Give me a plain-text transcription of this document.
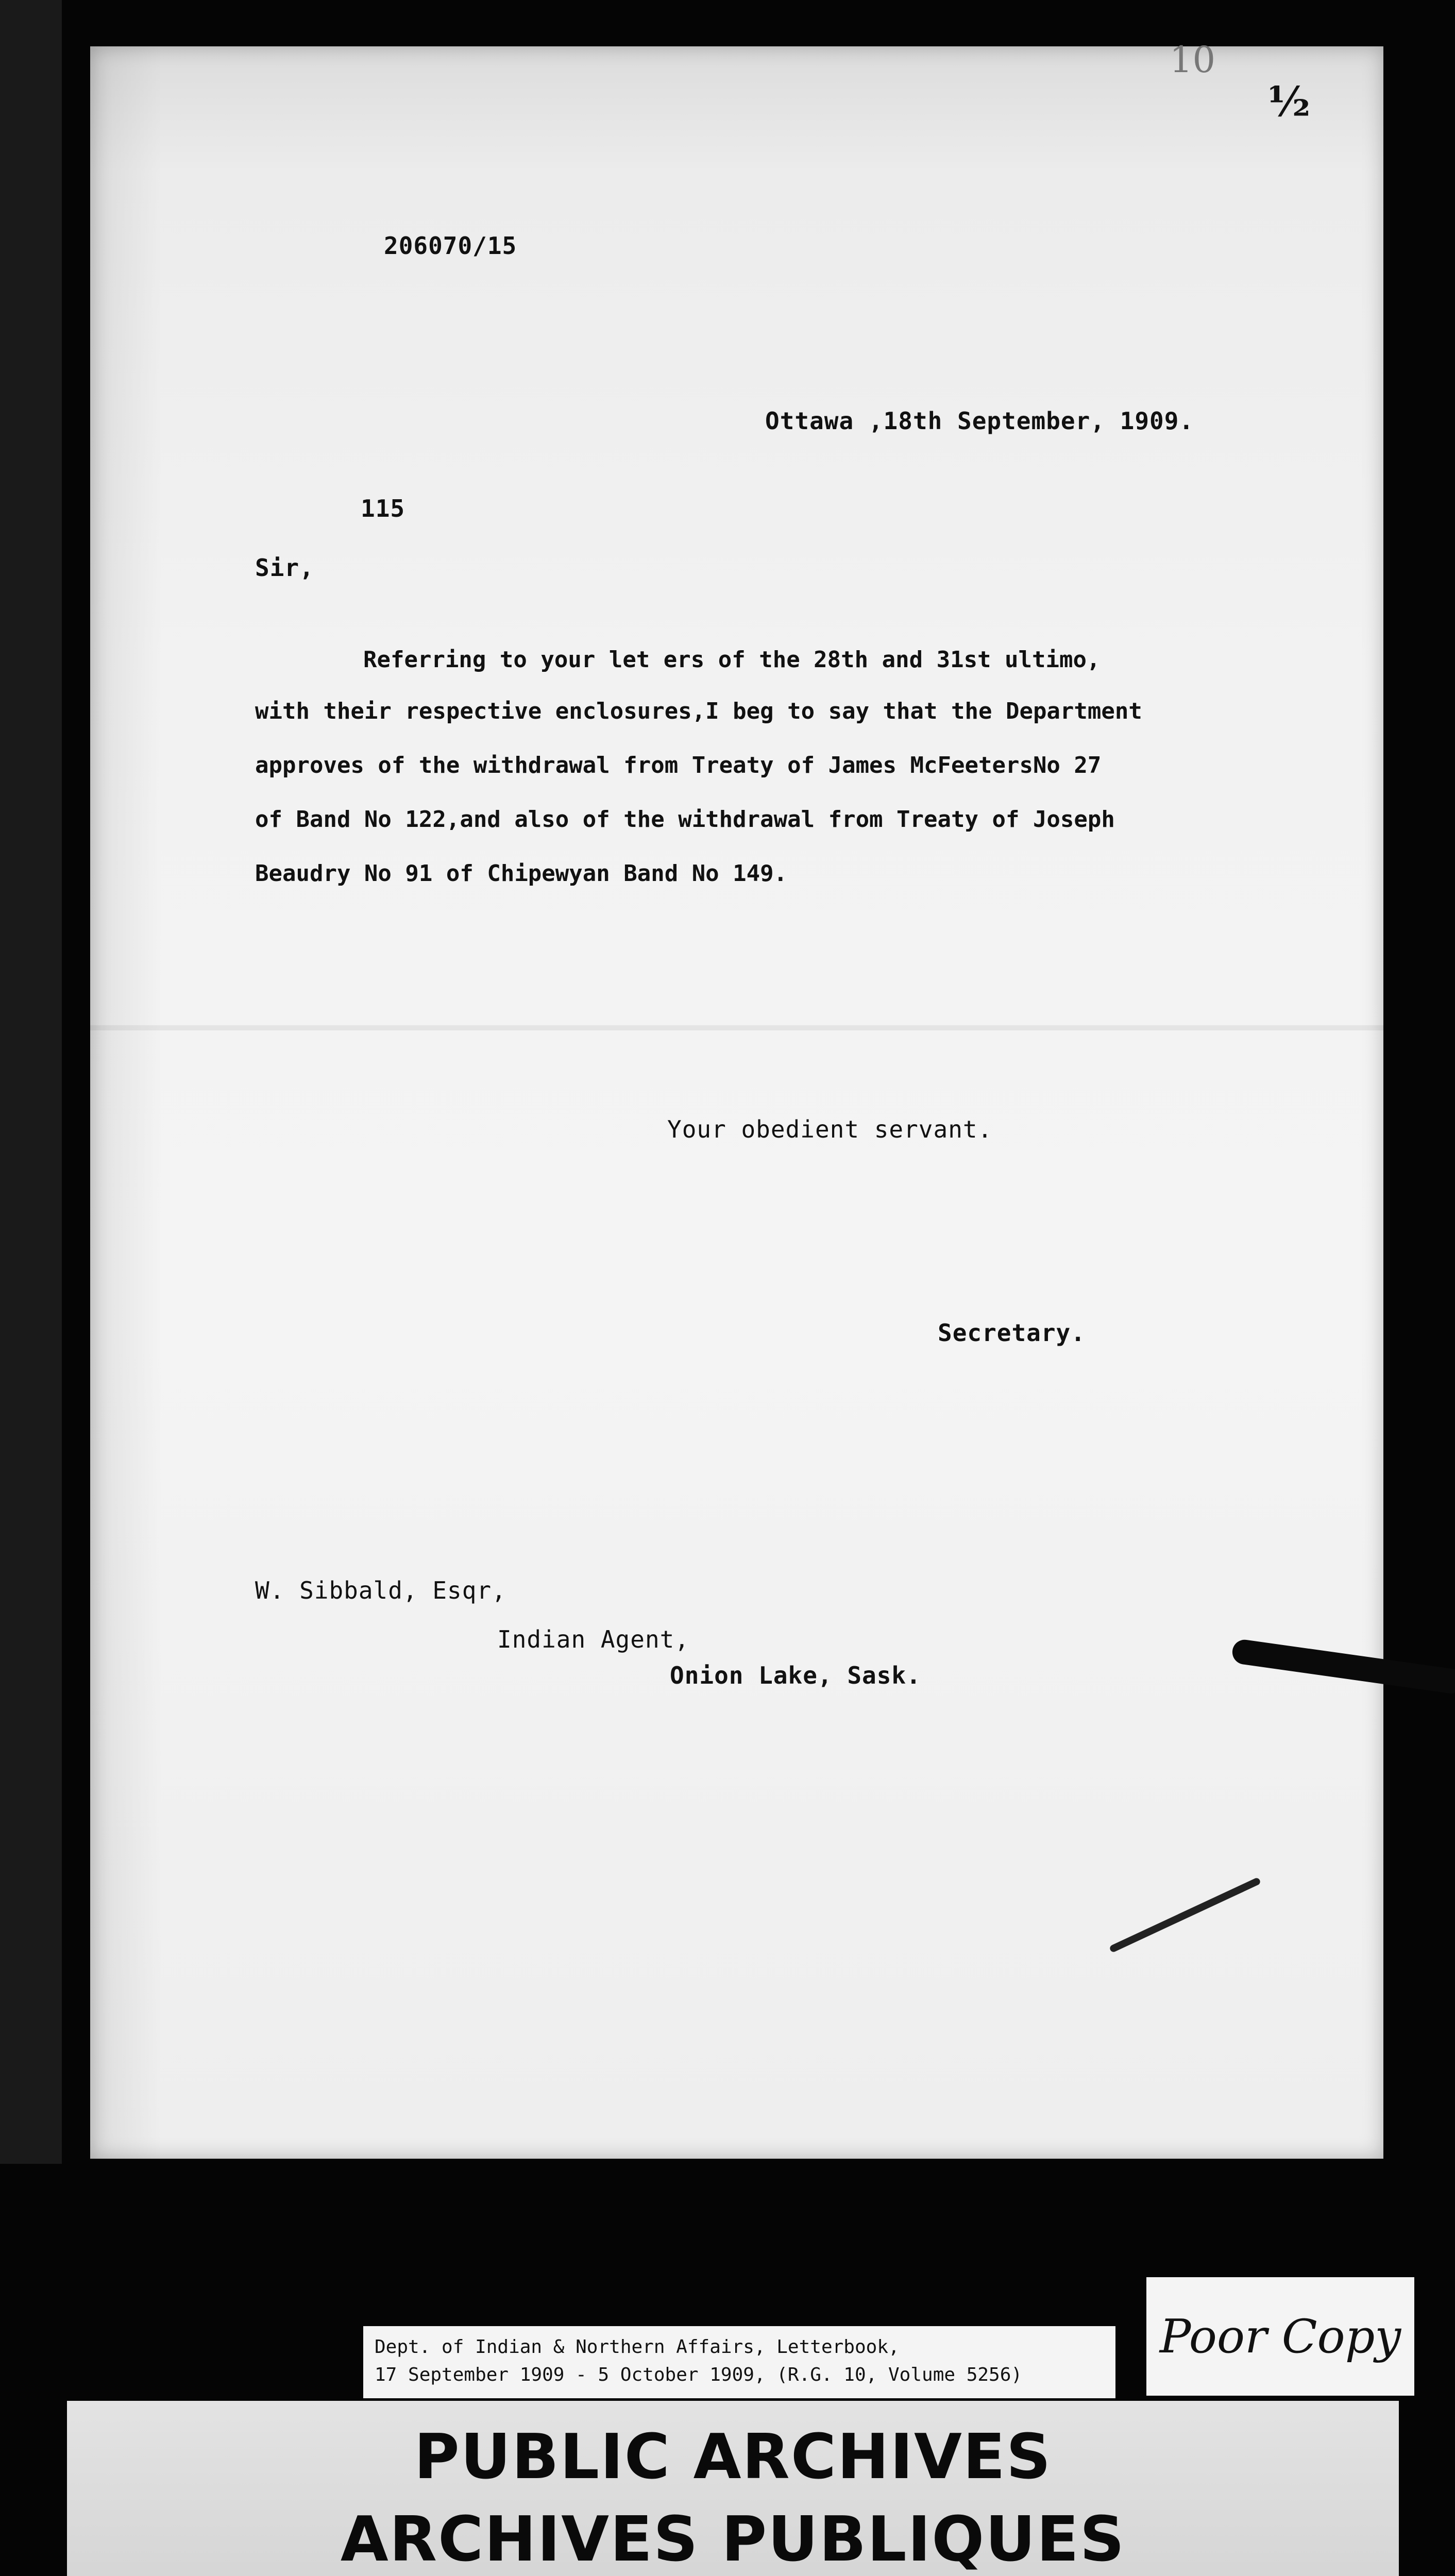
10
½
206070/15
Ottawa ,18th September, 1909.
115
Sir,
Referring to your let ers of the 28th and 31st ultimo,
with their respective enclosures,I beg to say that the Department
approves of the withdrawal from Treaty of James McFeetersNo 27
of Band No 122,and also of the withdrawal from Treaty of Joseph
Beaudry No 91 of Chipewyan Band No 149.
Your obedient servant.
Secretary.
W. Sibbald, Esqr,
Indian Agent,
Onion Lake, Sask.
Dept. of Indian & Northern Affairs, Letterbook,
17 September 1909 - 5 October 1909, (R.G. 10, Volume 5256)
Poor Copy
PUBLIC ARCHIVES
ARCHIVES PUBLIQUES
